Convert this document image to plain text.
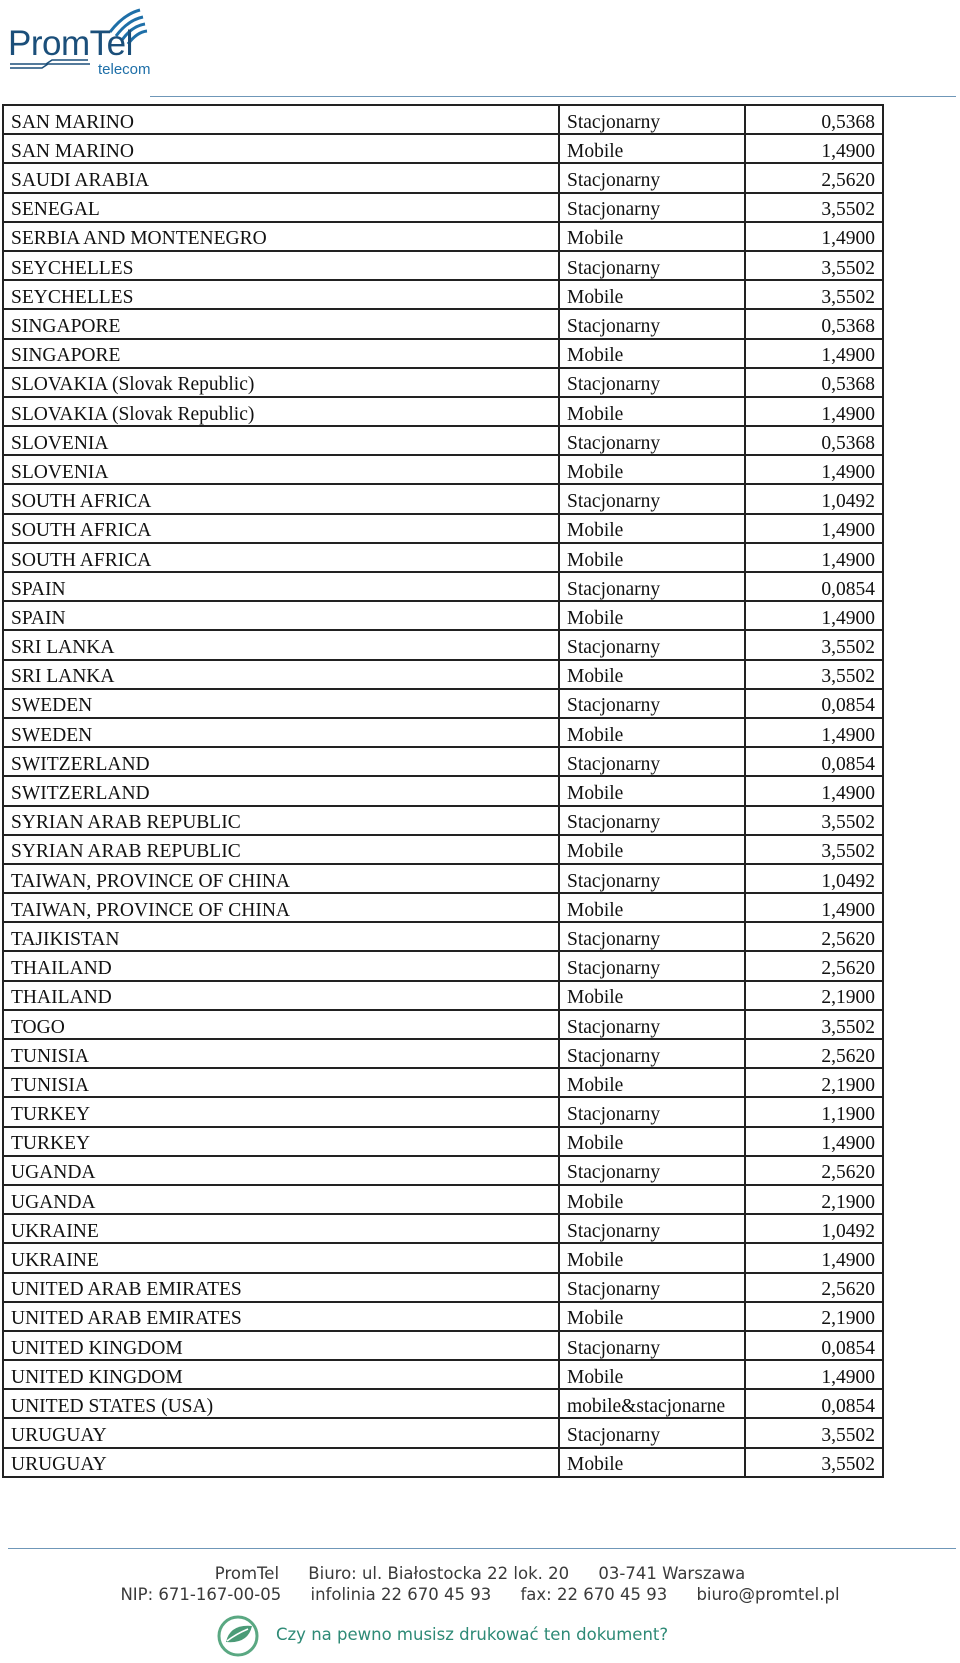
PromTel
telecom
SAN MARINO	Stacjonarny	0,5368
SAN MARINO	Mobile	1,4900
SAUDI ARABIA	Stacjonarny	2,5620
SENEGAL	Stacjonarny	3,5502
SERBIA AND MONTENEGRO	Mobile	1,4900
SEYCHELLES	Stacjonarny	3,5502
SEYCHELLES	Mobile	3,5502
SINGAPORE	Stacjonarny	0,5368
SINGAPORE	Mobile	1,4900
SLOVAKIA (Slovak Republic)	Stacjonarny	0,5368
SLOVAKIA (Slovak Republic)	Mobile	1,4900
SLOVENIA	Stacjonarny	0,5368
SLOVENIA	Mobile	1,4900
SOUTH AFRICA	Stacjonarny	1,0492
SOUTH AFRICA	Mobile	1,4900
SOUTH AFRICA	Mobile	1,4900
SPAIN	Stacjonarny	0,0854
SPAIN	Mobile	1,4900
SRI LANKA	Stacjonarny	3,5502
SRI LANKA	Mobile	3,5502
SWEDEN	Stacjonarny	0,0854
SWEDEN	Mobile	1,4900
SWITZERLAND	Stacjonarny	0,0854
SWITZERLAND	Mobile	1,4900
SYRIAN ARAB REPUBLIC	Stacjonarny	3,5502
SYRIAN ARAB REPUBLIC	Mobile	3,5502
TAIWAN, PROVINCE OF CHINA	Stacjonarny	1,0492
TAIWAN, PROVINCE OF CHINA	Mobile	1,4900
TAJIKISTAN	Stacjonarny	2,5620
THAILAND	Stacjonarny	2,5620
THAILAND	Mobile	2,1900
TOGO	Stacjonarny	3,5502
TUNISIA	Stacjonarny	2,5620
TUNISIA	Mobile	2,1900
TURKEY	Stacjonarny	1,1900
TURKEY	Mobile	1,4900
UGANDA	Stacjonarny	2,5620
UGANDA	Mobile	2,1900
UKRAINE	Stacjonarny	1,0492
UKRAINE	Mobile	1,4900
UNITED ARAB EMIRATES	Stacjonarny	2,5620
UNITED ARAB EMIRATES	Mobile	2,1900
UNITED KINGDOM	Stacjonarny	0,0854
UNITED KINGDOM	Mobile	1,4900
UNITED STATES (USA)	mobile&stacjonarne	0,0854
URUGUAY	Stacjonarny	3,5502
URUGUAY	Mobile	3,5502
PromTel Biuro: ul. Białostocka 22 lok. 20 03-741 Warszawa
NIP: 671-167-00-05 infolinia 22 670 45 93 fax: 22 670 45 93 biuro@promtel.pl
Czy na pewno musisz drukować ten dokument?
